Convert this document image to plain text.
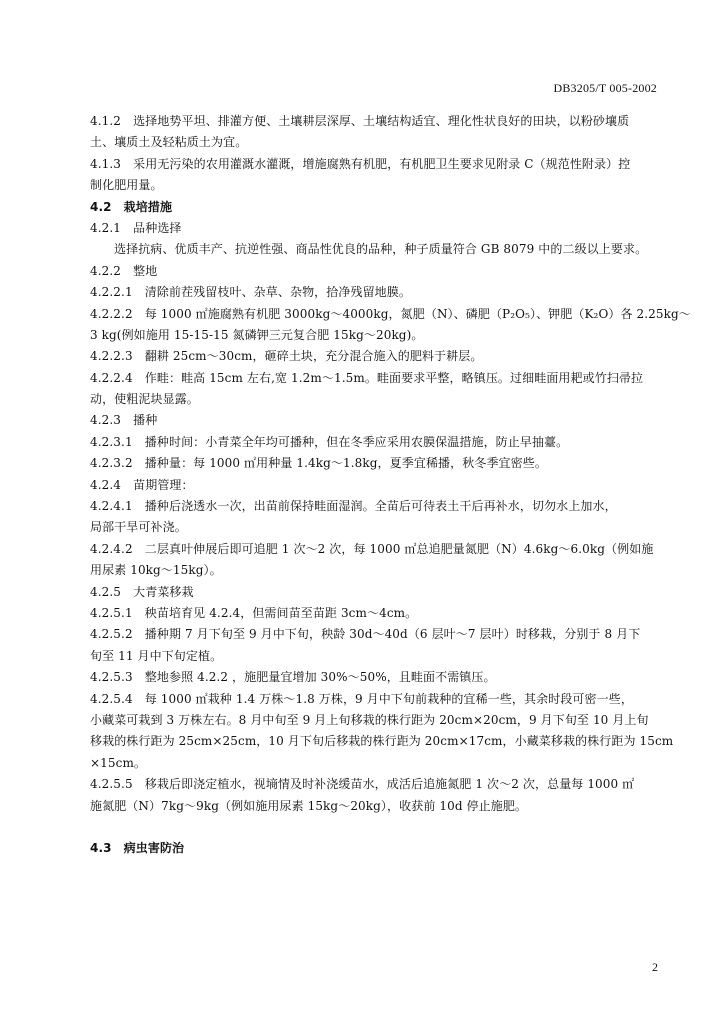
DB3205/T 005-2002
4.1.2　选择地势平坦、排灌方便、土壤耕层深厚、土壤结构适宜、理化性状良好的田块，以粉砂壤质
土、壤质土及轻粘质土为宜。
4.1.3　采用无污染的农用灌溉水灌溉，增施腐熟有机肥，有机肥卫生要求见附录 C（规范性附录）控
制化肥用量。
4.2　栽培措施
4.2.1　品种选择
选择抗病、优质丰产、抗逆性强、商品性优良的品种，种子质量符合 GB 8079 中的二级以上要求。
4.2.2　整地
4.2.2.1　清除前茬残留枝叶、杂草、杂物，拾净残留地膜。
4.2.2.2　每 1000 ㎡施腐熟有机肥 3000kg～4000kg，氮肥（N）、磷肥（P₂O₅）、钾肥（K₂O）各 2.25kg～
3 kg(例如施用 15-15-15 氮磷钾三元复合肥 15kg～20kg)。
4.2.2.3　翻耕 25cm～30cm，砸碎土块，充分混合施入的肥料于耕层。
4.2.2.4　作畦：畦高 15cm 左右,宽 1.2m～1.5m。畦面要求平整，略镇压。过细畦面用耙或竹扫帚拉
动，使粗泥块显露。
4.2.3　播种
4.2.3.1　播种时间：小青菜全年均可播种，但在冬季应采用农膜保温措施，防止早抽薹。
4.2.3.2　播种量：每 1000 ㎡用种量 1.4kg～1.8kg，夏季宜稀播，秋冬季宜密些。
4.2.4　苗期管理：
4.2.4.1　播种后浇透水一次，出苗前保持畦面湿润。全苗后可待表土干后再补水，切勿水上加水，
局部干旱可补浇。
4.2.4.2　二层真叶伸展后即可追肥 1 次～2 次，每 1000 ㎡总追肥量氮肥（N）4.6kg～6.0kg（例如施
用尿素 10kg～15kg）。
4.2.5　大青菜移栽
4.2.5.1　秧苗培育见 4.2.4，但需间苗至苗距 3cm～4cm。
4.2.5.2　播种期 7 月下旬至 9 月中下旬，秧龄 30d～40d（6 层叶～7 层叶）时移栽，分别于 8 月下
旬至 11 月中下旬定植。
4.2.5.3　整地参照 4.2.2 ，施肥量宜增加 30%～50%，且畦面不需镇压。
4.2.5.4　每 1000 ㎡栽种 1.4 万株～1.8 万株，9 月中下旬前栽种的宜稀一些，其余时段可密一些，
小藏菜可栽到 3 万株左右。8 月中旬至 9 月上旬移栽的株行距为 20cm×20cm，9 月下旬至 10 月上旬
移栽的株行距为 25cm×25cm，10 月下旬后移栽的株行距为 20cm×17cm，小藏菜移栽的株行距为 15cm
×15cm。
4.2.5.5　移栽后即浇定植水，视墒情及时补浇缓苗水，成活后追施氮肥 1 次～2 次，总量每 1000 ㎡
施氮肥（N）7kg～9kg（例如施用尿素 15kg～20kg），收获前 10d 停止施肥。
4.3　病虫害防治
2
